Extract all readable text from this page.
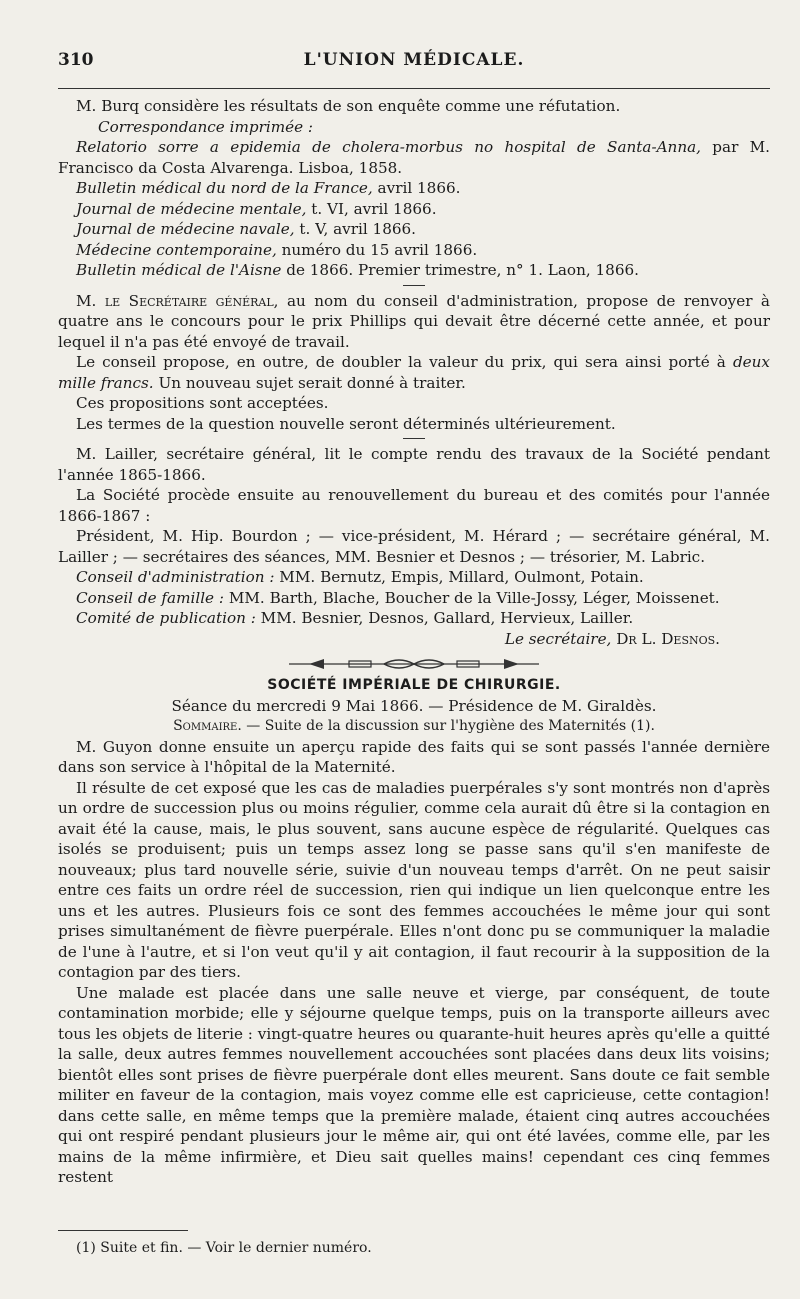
310	L'UNION MÉDICALE.

M. Burq considère les résultats de son enquête comme une réfutation.

Correspondance imprimée :

Relatorio sorre a epidemia de cholera-morbus no hospital de Santa-Anna, par M. Francisco da Costa Alvarenga. Lisboa, 1858.

Bulletin médical du nord de la France, avril 1866.

Journal de médecine mentale, t. VI, avril 1866.

Journal de médecine navale, t. V, avril 1866.

Médecine contemporaine, numéro du 15 avril 1866.

Bulletin médical de l'Aisne de 1866. Premier trimestre, n° 1. Laon, 1866.

M. le Secrétaire général, au nom du conseil d'administration, propose de renvoyer à quatre ans le concours pour le prix Phillips qui devait être décerné cette année, et pour lequel il n'a pas été envoyé de travail.

Le conseil propose, en outre, de doubler la valeur du prix, qui sera ainsi porté à deux mille francs. Un nouveau sujet serait donné à traiter.

Ces propositions sont acceptées.

Les termes de la question nouvelle seront déterminés ultérieurement.

M. Lailler, secrétaire général, lit le compte rendu des travaux de la Société pendant l'année 1865-1866.

La Société procède ensuite au renouvellement du bureau et des comités pour l'année 1866-1867 :

Président, M. Hip. Bourdon ; — vice-président, M. Hérard ; — secrétaire général, M. Lailler ; — secrétaires des séances, MM. Besnier et Desnos ; — trésorier, M. Labric.

Conseil d'administration : MM. Bernutz, Empis, Millard, Oulmont, Potain.

Conseil de famille : MM. Barth, Blache, Boucher de la Ville-Jossy, Léger, Moissenet.

Comité de publication : MM. Besnier, Desnos, Gallard, Hervieux, Lailler.

Le secrétaire, Dr L. Desnos.

SOCIÉTÉ IMPÉRIALE DE CHIRURGIE.

Séance du mercredi 9 Mai 1866. — Présidence de M. Giraldès.

Sommaire. — Suite de la discussion sur l'hygiène des Maternités (1).

M. Guyon donne ensuite un aperçu rapide des faits qui se sont passés l'année dernière dans son service à l'hôpital de la Maternité.

Il résulte de cet exposé que les cas de maladies puerpérales s'y sont montrés non d'après un ordre de succession plus ou moins régulier, comme cela aurait dû être si la contagion en avait été la cause, mais, le plus souvent, sans aucune espèce de régularité. Quelques cas isolés se produisent; puis un temps assez long se passe sans qu'il s'en manifeste de nouveaux; plus tard nouvelle série, suivie d'un nouveau temps d'arrêt. On ne peut saisir entre ces faits un ordre réel de succession, rien qui indique un lien quelconque entre les uns et les autres. Plusieurs fois ce sont des femmes accouchées le même jour qui sont prises simultanément de fièvre puerpérale. Elles n'ont donc pu se communiquer la maladie de l'une à l'autre, et si l'on veut qu'il y ait contagion, il faut recourir à la supposition de la contagion par des tiers.

Une malade est placée dans une salle neuve et vierge, par conséquent, de toute contamination morbide; elle y séjourne quelque temps, puis on la transporte ailleurs avec tous les objets de literie : vingt-quatre heures ou quarante-huit heures après qu'elle a quitté la salle, deux autres femmes nouvellement accouchées sont placées dans deux lits voisins; bientôt elles sont prises de fièvre puerpérale dont elles meurent. Sans doute ce fait semble militer en faveur de la contagion, mais voyez comme elle est capricieuse, cette contagion! dans cette salle, en même temps que la première malade, étaient cinq autres accouchées qui ont respiré pendant plusieurs jour le même air, qui ont été lavées, comme elle, par les mains de la même infirmière, et Dieu sait quelles mains! cependant ces cinq femmes restent

(1) Suite et fin. — Voir le dernier numéro.
